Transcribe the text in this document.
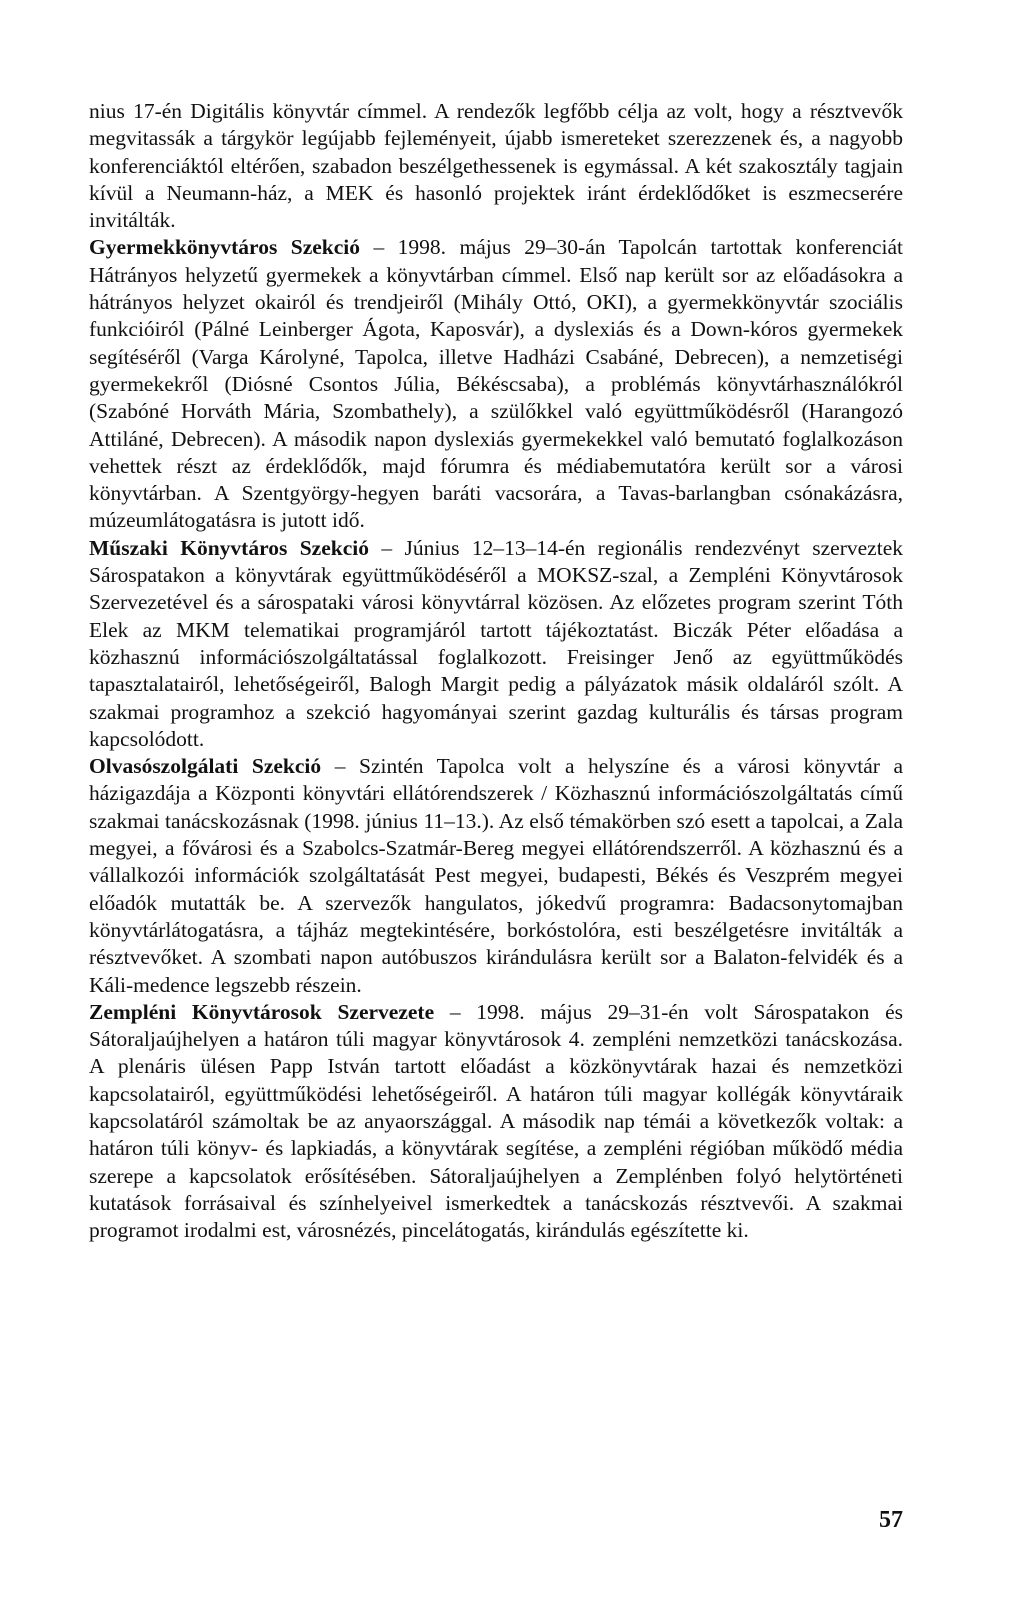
nius 17-én Digitális könyvtár címmel. A rendezők legfőbb célja az volt, hogy a résztvevők megvitassák a tárgykör legújabb fejleményeit, újabb ismereteket szerezzenek és, a nagyobb konferenciáktól eltérően, szabadon beszélgethessenek is egymással. A két szakosztály tagjain kívül a Neumann-ház, a MEK és hasonló projektek iránt érdeklődőket is eszmecserére invitálták.

Gyermekkönyvtáros Szekció – 1998. május 29–30-án Tapolcán tartottak konferenciát Hátrányos helyzetű gyermekek a könyvtárban címmel. Első nap került sor az előadásokra a hátrányos helyzet okairól és trendjeiről (Mihály Ottó, OKI), a gyermekkönyvtár szociális funkcióiról (Pálné Leinberger Ágota, Kaposvár), a dyslexiás és a Down-kóros gyermekek segítéséről (Varga Károlyné, Tapolca, illetve Hadházi Csabáné, Debrecen), a nemzetiségi gyermekekről (Diósné Csontos Júlia, Békéscsaba), a problémás könyvtárhasználókról (Szabóné Horváth Mária, Szombathely), a szülőkkel való együttműködésről (Harangozó Attiláné, Debrecen). A második napon dyslexiás gyermekekkel való bemutató foglalkozáson vehettek részt az érdeklődők, majd fórumra és médiabemutatóra került sor a városi könyvtárban. A Szentgyörgy-hegyen baráti vacsorára, a Tavas-barlangban csónakázásra, múzeumlátogatásra is jutott idő.

Műszaki Könyvtáros Szekció – Június 12–13–14-én regionális rendezvényt szerveztek Sárospatakon a könyvtárak együttműködéséről a MOKSZ-szal, a Zempléni Könyvtárosok Szervezetével és a sárospataki városi könyvtárral közösen. Az előzetes program szerint Tóth Elek az MKM telematikai programjáról tartott tájékoztatást. Biczák Péter előadása a közhasznú információszolgáltatással foglalkozott. Freisinger Jenő az együttműködés tapasztalatairól, lehetőségeiről, Balogh Margit pedig a pályázatok másik oldaláról szólt. A szakmai programhoz a szekció hagyományai szerint gazdag kulturális és társas program kapcsolódott.

Olvasószolgálati Szekció – Szintén Tapolca volt a helyszíne és a városi könyvtár a házigazdája a Központi könyvtári ellátórendszerek / Közhasznú információszolgáltatás című szakmai tanácskozásnak (1998. június 11–13.). Az első témakörben szó esett a tapolcai, a Zala megyei, a fővárosi és a Szabolcs-Szatmár-Bereg megyei ellátórendszerről. A közhasznú és a vállalkozói információk szolgáltatását Pest megyei, budapesti, Békés és Veszprém megyei előadók mutatták be. A szervezők hangulatos, jókedvű programra: Badacsonytomajban könyvtárlátogatásra, a tájház megtekintésére, borkóstolóra, esti beszélgetésre invitálták a résztvevőket. A szombati napon autóbuszos kirándulásra került sor a Balaton-felvidék és a Káli-medence legszebb részein.

Zempléni Könyvtárosok Szervezete – 1998. május 29–31-én volt Sárospatakon és Sátoraljaújhelyen a határon túli magyar könyvtárosok 4. zempléni nemzetközi tanácskozása. A plenáris ülésen Papp István tartott előadást a közkönyvtárak hazai és nemzetközi kapcsolatairól, együttműködési lehetőségeiről. A határon túli magyar kollégák könyvtáraik kapcsolatáról számoltak be az anyaországgal. A második nap témái a következők voltak: a határon túli könyv- és lapkiadás, a könyvtárak segítése, a zempléni régióban működő média szerepe a kapcsolatok erősítésében. Sátoraljaújhelyen a Zemplénben folyó helytörténeti kutatások forrásaival és színhelyeivel ismerkedtek a tanácskozás résztvevői. A szakmai programot irodalmi est, városnézés, pincelátogatás, kirándulás egészítette ki.

57
